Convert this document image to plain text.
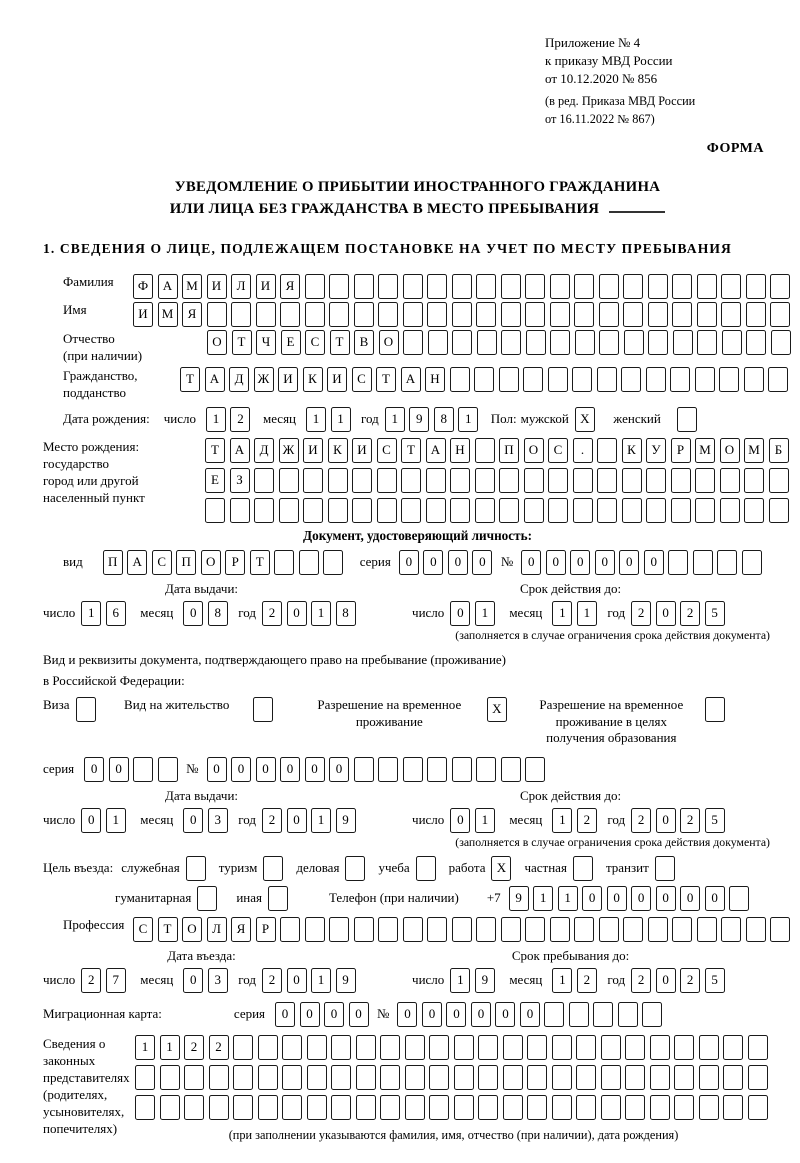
Приложение № 4
к приказу МВД России
от 10.12.2020 № 856
(в ред. Приказа МВД России
от 16.11.2022 № 867)
ФОРМА
УВЕДОМЛЕНИЕ О ПРИБЫТИИ ИНОСТРАННОГО ГРАЖДАНИНА
ИЛИ ЛИЦА БЕЗ ГРАЖДАНСТВА В МЕСТО ПРЕБЫВАНИЯ
1. СВЕДЕНИЯ О ЛИЦЕ, ПОДЛЕЖАЩЕМ ПОСТАНОВКЕ НА УЧЕТ ПО МЕСТУ ПРЕБЫВАНИЯ
Фамилия	Ф	А	М	И	Л	И	Я
Имя	И	М	Я
Отчество
(при наличии)
О	Т	Ч	Е	С	Т	В	О
Гражданство,
подданство
Т	А	Д	Ж	И	К	И	С	Т	А	Н
Дата рождения: число	1	2	месяц	1	1	год 1	9	8	1	Пол: мужской X	женский
Место рождения:
государство
город или другой
населенный пункт
Т	А	Д	Ж	И	К	И	С	Т	А	Н	П	О	С	.	К	У	Р	М	О	М	Б
Е	З
Документ, удостоверяющий личность:
вид	П	А	С	П	О	Р	Т	серия	0	0	0	0	№	0	0	0	0	0	0
Дата выдачи:
число 1	6	месяц	0	8	год 2	0	1	8
Срок действия до:
число 0	1	месяц	1	1	год 2	0	2	5
(заполняется в случае ограничения срока действия документа)
Вид и реквизиты документа, подтверждающего право на пребывание (проживание)
в Российской Федерации:
Виза	Вид на жительство	Разрешение на временное проживание
X	Разрешение на временное проживание в целях получения образования
серия	0	0	№	0	0	0	0	0	0
Дата выдачи:
число 0	1	месяц	0	3	год 2	0	1	9
Срок действия до:
число 0	1	месяц	1	2	год 2	0	2	5
(заполняется в случае ограничения срока действия документа)
Цель въезда: служебная	туризм	деловая	учеба	работа X	частная	транзит
гуманитарная	иная	Телефон (при наличии) +7	9	1	1	0	0	0	0	0	0
Профессия	С	Т	О	Л	Я	Р
Дата въезда:
число 2	7	месяц	0	3	год 2	0	1	9
Срок пребывания до:
число 1	9	месяц	1	2	год 2	0	2	5
Миграционная карта:	серия	0	0	0	0	№	0	0	0	0	0	0
Сведения о
законных
представителях
(родителях,
усыновителях,
попечителях)
1	1	2	2
(при заполнении указываются фамилия, имя, отчество (при наличии), дата рождения)
